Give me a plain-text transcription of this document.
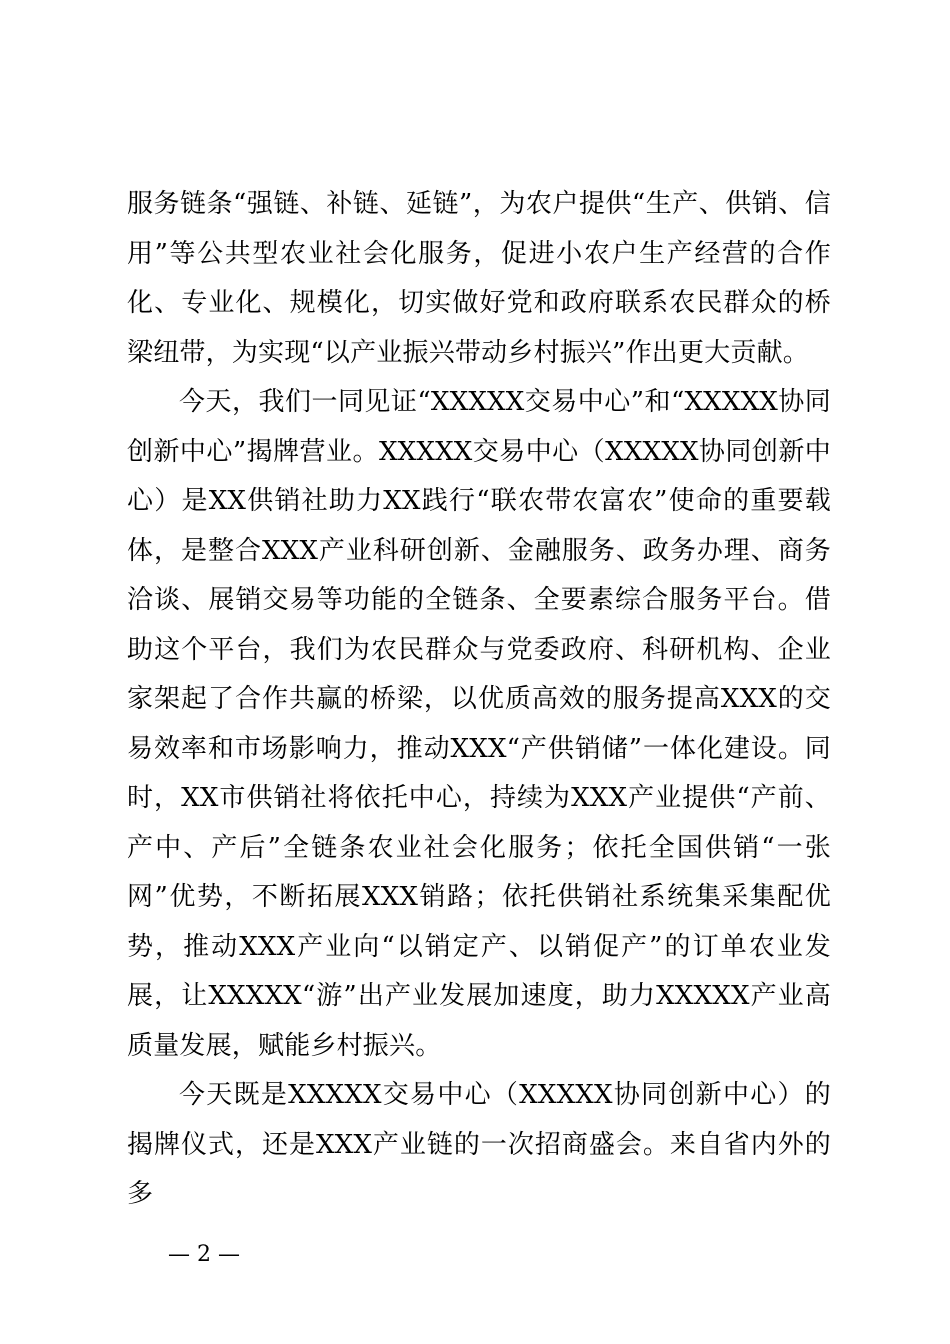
服务链条“强链、补链、延链”，为农户提供“生产、供销、信用”等公共型农业社会化服务，促进小农户生产经营的合作化、专业化、规模化，切实做好党和政府联系农民群众的桥梁纽带，为实现“以产业振兴带动乡村振兴”作出更大贡献。

今天，我们一同见证“XXXXX交易中心”和“XXXXX协同创新中心”揭牌营业。XXXXX交易中心（XXXXX协同创新中心）是XX供销社助力XX践行“联农带农富农”使命的重要载体，是整合XXX产业科研创新、金融服务、政务办理、商务洽谈、展销交易等功能的全链条、全要素综合服务平台。借助这个平台，我们为农民群众与党委政府、科研机构、企业家架起了合作共赢的桥梁，以优质高效的服务提高XXX的交易效率和市场影响力，推动XXX“产供销储”一体化建设。同时，XX市供销社将依托中心，持续为XXX产业提供“产前、产中、产后”全链条农业社会化服务；依托全国供销“一张网”优势，不断拓展XXX销路；依托供销社系统集采集配优势，推动XXX产业向“以销定产、以销促产”的订单农业发展，让XXXXX“游”出产业发展加速度，助力XXXXX产业高质量发展，赋能乡村振兴。

今天既是XXXXX交易中心（XXXXX协同创新中心）的揭牌仪式，还是XXX产业链的一次招商盛会。来自省内外的多

— 2 —
